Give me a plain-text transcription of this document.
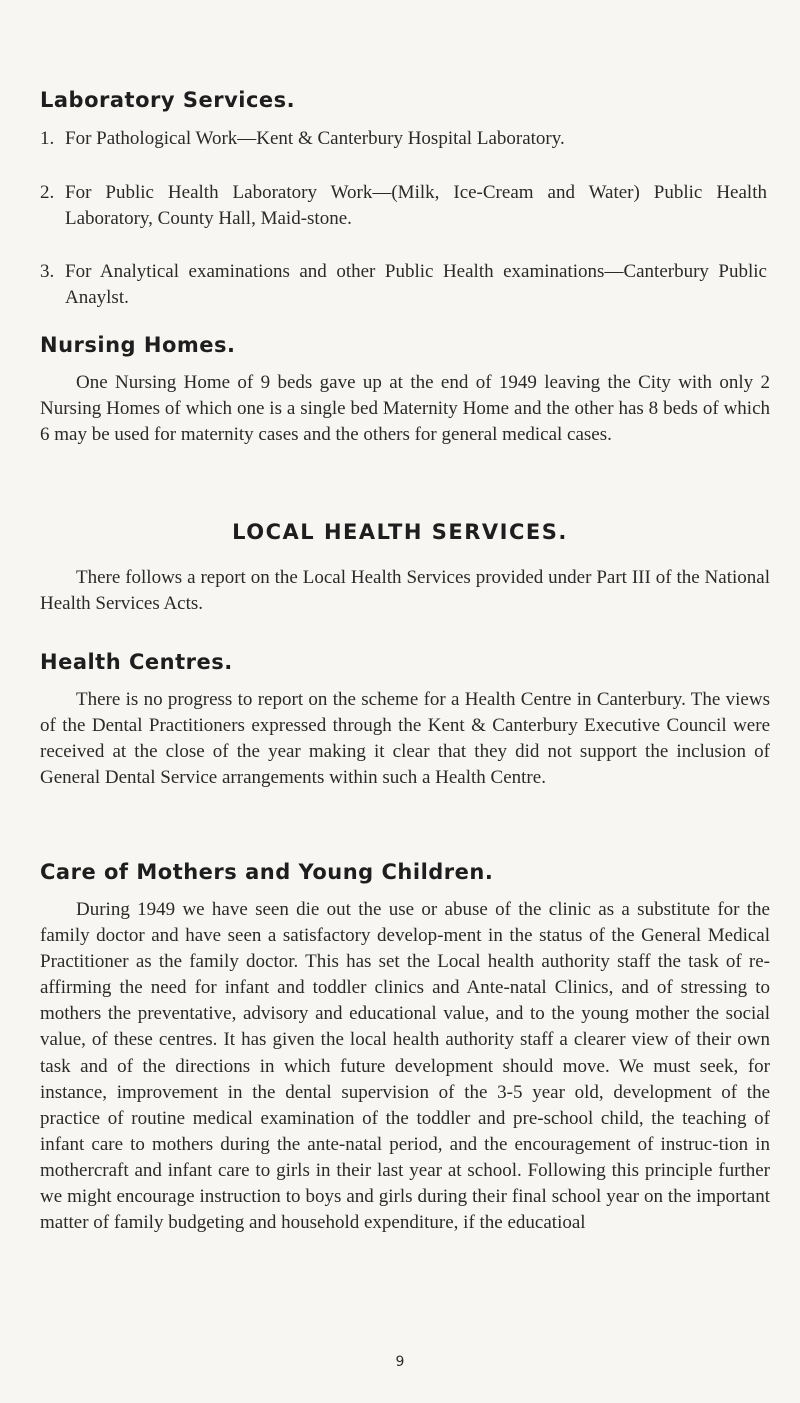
Laboratory Services.
1. For Pathological Work—Kent & Canterbury Hospital Laboratory.
2. For Public Health Laboratory Work—(Milk, Ice-Cream and Water) Public Health Laboratory, County Hall, Maid-stone.
3. For Analytical examinations and other Public Health examinations—Canterbury Public Anaylst.
Nursing Homes.

One Nursing Home of 9 beds gave up at the end of 1949 leaving the City with only 2 Nursing Homes of which one is a single bed Maternity Home and the other has 8 beds of which 6 may be used for maternity cases and the others for general medical cases.

LOCAL HEALTH SERVICES.

There follows a report on the Local Health Services provided under Part III of the National Health Services Acts.

Health Centres.

There is no progress to report on the scheme for a Health Centre in Canterbury. The views of the Dental Practitioners expressed through the Kent & Canterbury Executive Council were received at the close of the year making it clear that they did not support the inclusion of General Dental Service arrangements within such a Health Centre.

Care of Mothers and Young Children.

During 1949 we have seen die out the use or abuse of the clinic as a substitute for the family doctor and have seen a satisfactory develop-ment in the status of the General Medical Practitioner as the family doctor. This has set the Local health authority staff the task of re-affirming the need for infant and toddler clinics and Ante-natal Clinics, and of stressing to mothers the preventative, advisory and educational value, and to the young mother the social value, of these centres. It has given the local health authority staff a clearer view of their own task and of the directions in which future development should move. We must seek, for instance, improvement in the dental supervision of the 3-5 year old, development of the practice of routine medical examination of the toddler and pre-school child, the teaching of infant care to mothers during the ante-natal period, and the encouragement of instruc-tion in mothercraft and infant care to girls in their last year at school. Following this principle further we might encourage instruction to boys and girls during their final school year on the important matter of family budgeting and household expenditure, if the educatioal

9
